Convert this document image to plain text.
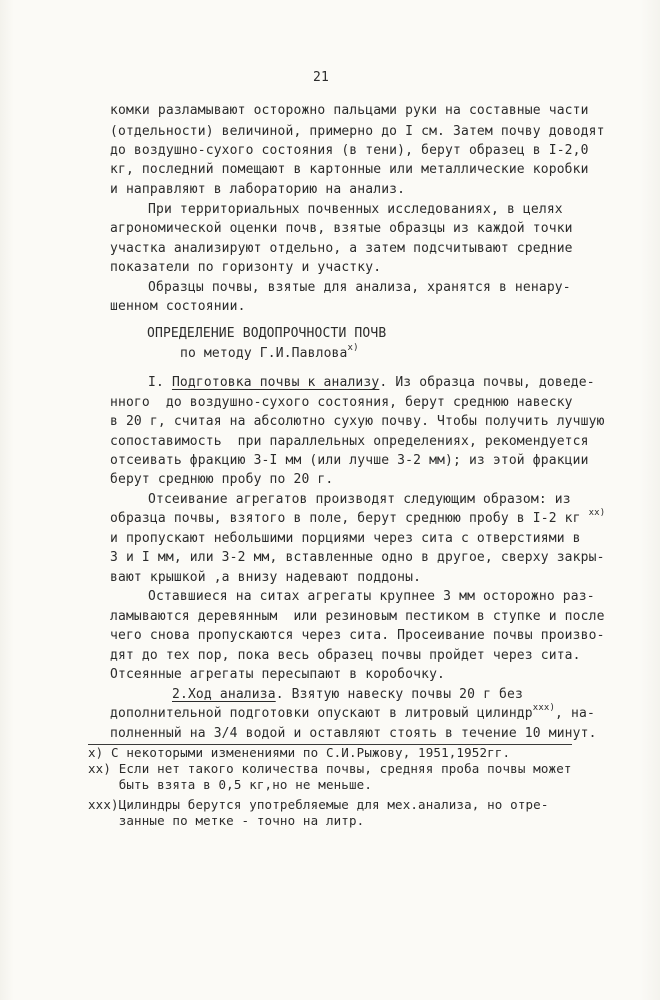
21
комки разламывают осторожно пальцами руки на составные части
(отдельности) величиной, примерно до I см. Затем почву доводят
до воздушно-сухого состояния (в тени), берут образец в I-2,0
кг, последний помещают в картонные или металлические коробки
и направляют в лабораторию на анализ.
При территориальных почвенных исследованиях, в целях
агрономической оценки почв, взятые образцы из каждой точки
участка анализируют отдельно, а затем подсчитывают средние
показатели по горизонту и участку.
Образцы почвы, взятые для анализа, хранятся в ненару-
шенном состоянии.
ОПРЕДЕЛЕНИЕ ВОДОПРОЧНОСТИ ПОЧВ
по методу Г.И.Павлова$^{x)}$
I. Подготовка почвы к анализу. Из образца почвы, доведе-
нного  до воздушно-сухого состояния, берут среднюю навеску
в 20 г, считая на абсолютно сухую почву. Чтобы получить лучшую
сопоставимость  при параллельных определениях, рекомендуется
отсеивать фракцию 3-I мм (или лучше 3-2 мм); из этой фракции
берут среднюю пробу по 20 г.
Отсеивание агрегатов производят следующим образом: из
образца почвы, взятого в поле, берут среднюю пробу в I-2 кг $^{xx)}$
и пропускают небольшими порциями через сита с отверстиями в
3 и I мм, или 3-2 мм, вставленные одно в другое, сверху закры-
вают крышкой ,а внизу надевают поддоны.
Оставшиеся на ситах агрегаты крупнее 3 мм осторожно раз-
ламываются деревянным  или резиновым пестиком в ступке и после
чего снова пропускаются через сита. Просеивание почвы произво-
дят до тех пор, пока весь образец почвы пройдет через сита.
Отсеянные агрегаты пересыпают в коробочку.
2.Ход анализа. Взятую навеску почвы 20 г без
дополнительной подготовки опускают в литровый цилиндр$^{xxx)}$, на-
полненный на 3/4 водой и оставляют стоять в течение 10 минут.
x) С некоторыми изменениями по С.И.Рыжову, 1951,1952гг.
xx) Если нет такого количества почвы, средняя проба почвы может
быть взята в 0,5 кг,но не меньше.
xxx)Цилиндры берутся употребляемые для мех.анализа, но отре-
занные по метке - точно на литр.
